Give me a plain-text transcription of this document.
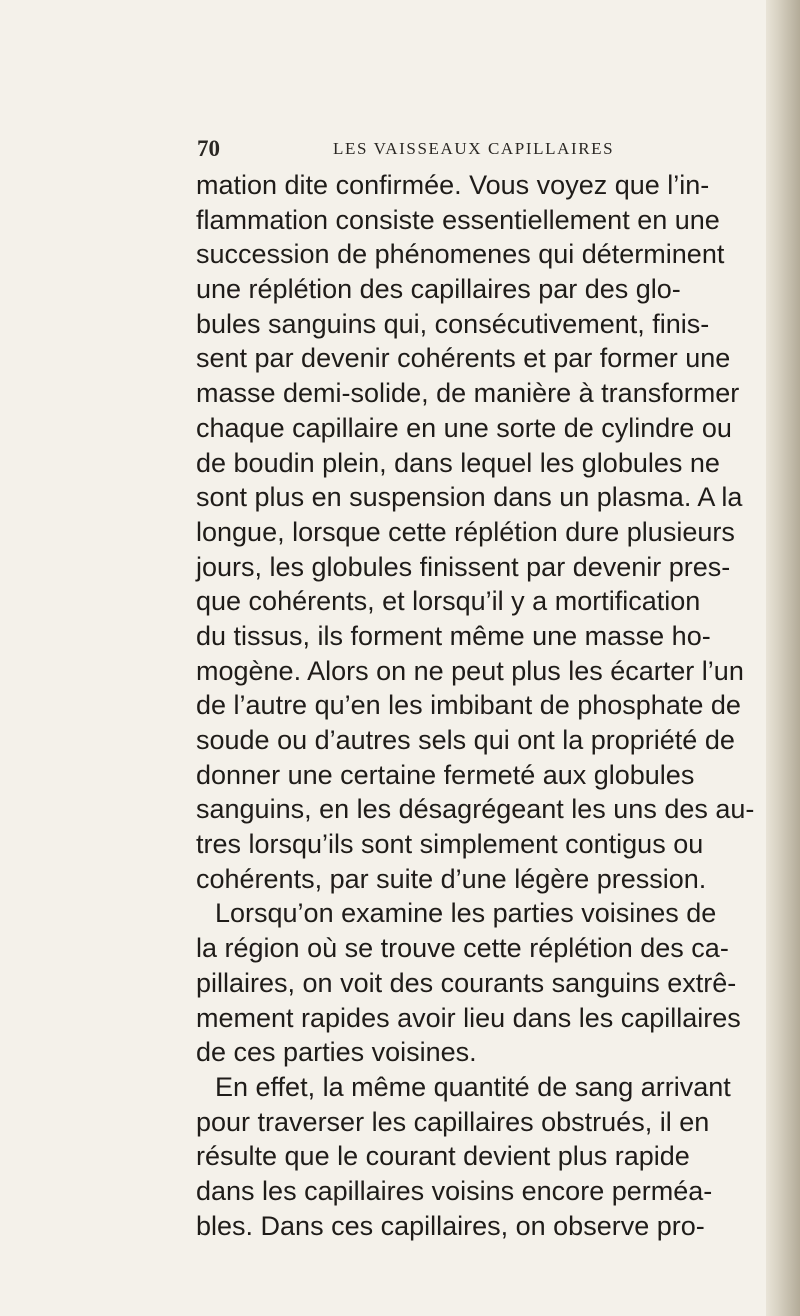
70	LES VAISSEAUX CAPILLAIRES
mation dite confirmée. Vous voyez que l’in-
flammation consiste essentiellement en une
succession de phénomenes qui déterminent
une réplétion des capillaires par des glo-
bules sanguins qui, consécutivement, finis-
sent par devenir cohérents et par former une
masse demi-solide, de manière à transformer
chaque capillaire en une sorte de cylindre ou
de boudin plein, dans lequel les globules ne
sont plus en suspension dans un plasma. A la
longue, lorsque cette réplétion dure plusieurs
jours, les globules finissent par devenir pres-
que cohérents, et lorsqu’il y a mortification
du tissus, ils forment même une masse ho-
mogène. Alors on ne peut plus les écarter l’un
de l’autre qu’en les imbibant de phosphate de
soude ou d’autres sels qui ont la propriété de
donner une certaine fermeté aux globules
sanguins, en les désagrégeant les uns des au-
tres lorsqu’ils sont simplement contigus ou
cohérents, par suite d’une légère pression.
Lorsqu’on examine les parties voisines de
la région où se trouve cette réplétion des ca-
pillaires, on voit des courants sanguins extrê-
mement rapides avoir lieu dans les capillaires
de ces parties voisines.
En effet, la même quantité de sang arrivant
pour traverser les capillaires obstrués, il en
résulte que le courant devient plus rapide
dans les capillaires voisins encore perméa-
bles. Dans ces capillaires, on observe pro-
